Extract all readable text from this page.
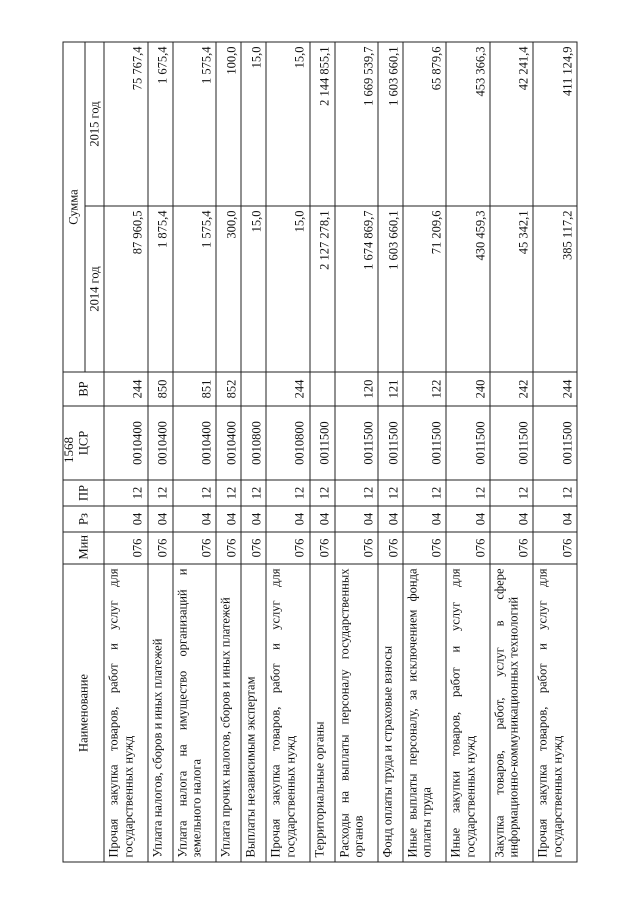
1568
Наименование	Мин	Рз	ПР	ЦСР	ВР	Сумма	
						2014 год	2015 год
Прочая закупка товаров, работ и услуг для государственных нужд	076	04	12	0010400	244	87 960,5	75 767,4
Уплата налогов, сборов и иных платежей	076	04	12	0010400	850	1 875,4	1 675,4
Уплата налога на имущество организаций и земельного налога	076	04	12	0010400	851	1 575,4	1 575,4
Уплата прочих налогов, сборов и иных платежей	076	04	12	0010400	852	300,0	100,0
Выплаты независимым экспертам	076	04	12	0010800		15,0	15,0
Прочая закупка товаров, работ и услуг для государственных нужд	076	04	12	0010800	244	15,0	15,0
Территориальные органы	076	04	12	0011500		2 127 278,1	2 144 855,1
Расходы на выплаты персоналу государственных органов	076	04	12	0011500	120	1 674 869,7	1 669 539,7
Фонд оплаты труда и страховые взносы	076	04	12	0011500	121	1 603 660,1	1 603 660,1
Иные выплаты персоналу, за исключением фонда оплаты труда	076	04	12	0011500	122	71 209,6	65 879,6
Иные закупки товаров, работ и услуг для государственных нужд	076	04	12	0011500	240	430 459,3	453 366,3
Закупка товаров, работ, услуг в сфере информационно-коммуникационных технологий	076	04	12	0011500	242	45 342,1	42 241,4
Прочая закупка товаров, работ и услуг для государственных нужд	076	04	12	0011500	244	385 117,2	411 124,9
